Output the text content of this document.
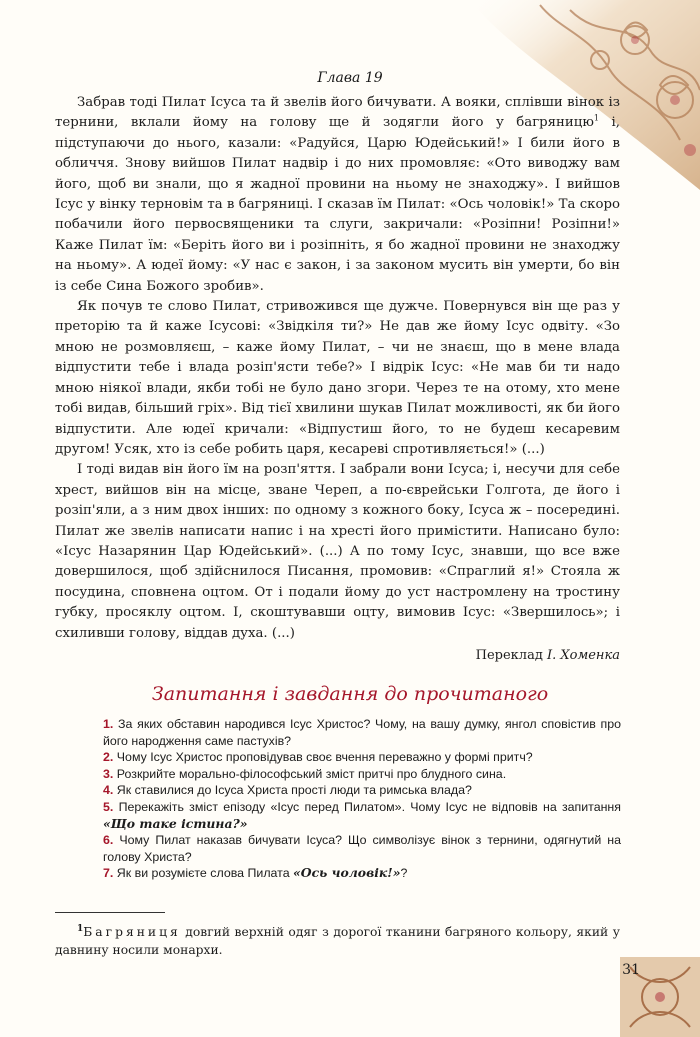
Глава 19

Забрав тоді Пилат Ісуса та й звелів його бичувати. А вояки, сплівши вінок із тернини, вклали йому на голову ще й зодягли його у багряницю$^1$ і, підступаючи до нього, казали: «Радуйся, Царю Юдейський!» І били його в обличчя. Знову вийшов Пилат надвір і до них промовляє: «Ото виводжу вам його, щоб ви знали, що я жадної провини на ньому не знаходжу». І вийшов Ісус у вінку терновім та в багряниці. І сказав їм Пилат: «Ось чоловік!» Та скоро побачили його первосвященики та слуги, закричали: «Розіпни! Розіпни!» Каже Пилат їм: «Беріть його ви і розіпніть, я бо жадної провини не знаходжу на ньому». А юдеї йому: «У нас є закон, і за законом мусить він умерти, бо він із себе Сина Божого зробив».

Як почув те слово Пилат, стривожився ще дужче. Повернувся він ще раз у преторію та й каже Ісусові: «Звідкіля ти?» Не дав же йому Ісус одвіту. «Зо мною не розмовляєш, – каже йому Пилат, – чи не знаєш, що в мене влада відпустити тебе і влада розіп'ясти тебе?» І відрік Ісус: «Не мав би ти надо мною ніякої влади, якби тобі не було дано згори. Через те на отому, хто мене тобі видав, більший гріх». Від тієї хвилини шукав Пилат можливості, як би його відпустити. Але юдеї кричали: «Відпустиш його, то не будеш кесаревим другом! Усяк, хто із себе робить царя, кесареві спротивляється!» (...)

І тоді видав він його їм на розп'яття. І забрали вони Ісуса; і, несучи для себе хрест, вийшов він на місце, зване Череп, а по-єврейськи Голгота, де його і розіп'яли, а з ним двох інших: по одному з кожного боку, Ісуса ж – посередині. Пилат же звелів написати напис і на хресті його примістити. Написано було: «Ісус Назарянин Цар Юдейський». (...) А по тому Ісус, знавши, що все вже довершилося, щоб здійснилося Писання, промовив: «Спраглий я!» Стояла ж посудина, сповнена оцтом. От і подали йому до уст настромлену на тростину губку, просяклу оцтом. І, скоштувавши оцту, вимовив Ісус: «Звершилось»; і схиливши голову, віддав духа. (...)

Переклад І. Хоменка
Запитання і завдання до прочитаного
1. За яких обставин народився Ісус Христос? Чому, на вашу думку, янгол сповістив про його народження саме пастухів?
2. Чому Ісус Христос проповідував своє вчення переважно у формі притч?
3. Розкрийте морально-філософський зміст притчі про блудного сина.
4. Як ставилися до Ісуса Христа прості люди та римська влада?
5. Перекажіть зміст епізоду «Ісус перед Пилатом». Чому Ісус не відповів на запитання «Що таке істина?»
6. Чому Пилат наказав бичувати Ісуса? Що символізує вінок з тернини, одягнутий на голову Христа?
7. Як ви розумієте слова Пилата «Ось чоловік!»?
$^1$Багряниця довгий верхній одяг з дорогої тканини багряного кольору, який у давнину носили монархи.
31
